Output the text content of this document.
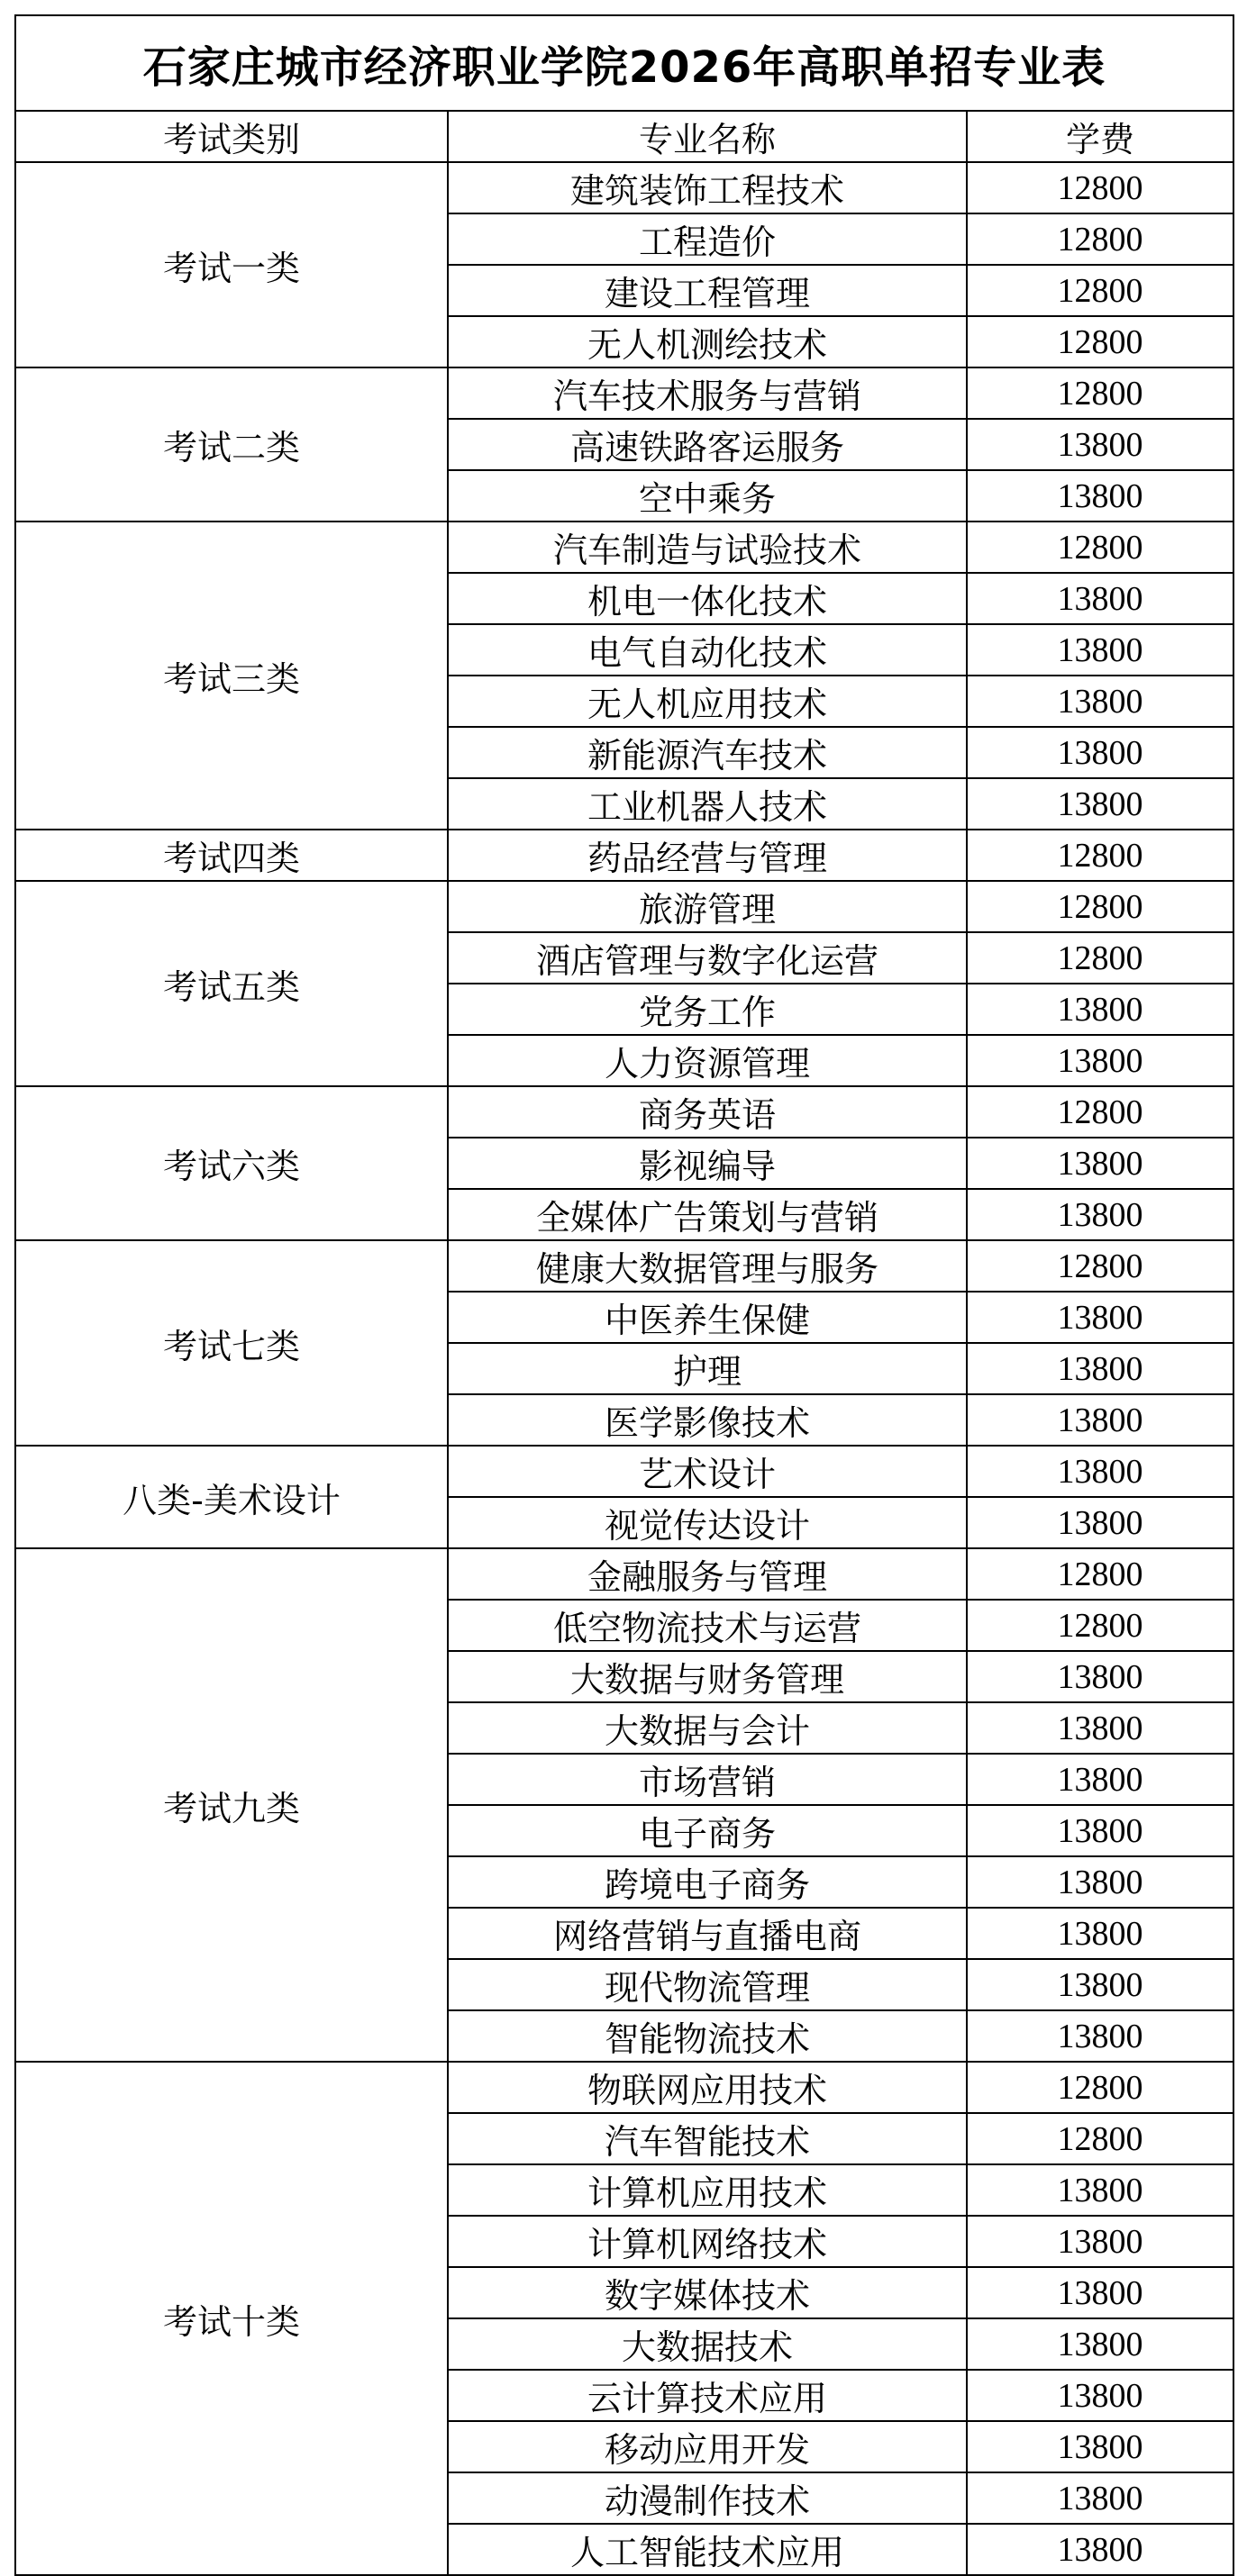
石家庄城市经济职业学院2026年高职单招专业表		
考试类别	专业名称	学费
考试一类	建筑装饰工程技术	12800
	工程造价	12800
	建设工程管理	12800
	无人机测绘技术	12800
考试二类	汽车技术服务与营销	12800
	高速铁路客运服务	13800
	空中乘务	13800
考试三类	汽车制造与试验技术	12800
	机电一体化技术	13800
	电气自动化技术	13800
	无人机应用技术	13800
	新能源汽车技术	13800
	工业机器人技术	13800
考试四类	药品经营与管理	12800
考试五类	旅游管理	12800
	酒店管理与数字化运营	12800
	党务工作	13800
	人力资源管理	13800
考试六类	商务英语	12800
	影视编导	13800
	全媒体广告策划与营销	13800
考试七类	健康大数据管理与服务	12800
	中医养生保健	13800
	护理	13800
	医学影像技术	13800
八类-美术设计	艺术设计	13800
	视觉传达设计	13800
考试九类	金融服务与管理	12800
	低空物流技术与运营	12800
	大数据与财务管理	13800
	大数据与会计	13800
	市场营销	13800
	电子商务	13800
	跨境电子商务	13800
	网络营销与直播电商	13800
	现代物流管理	13800
	智能物流技术	13800
考试十类	物联网应用技术	12800
	汽车智能技术	12800
	计算机应用技术	13800
	计算机网络技术	13800
	数字媒体技术	13800
	大数据技术	13800
	云计算技术应用	13800
	移动应用开发	13800
	动漫制作技术	13800
	人工智能技术应用	13800
